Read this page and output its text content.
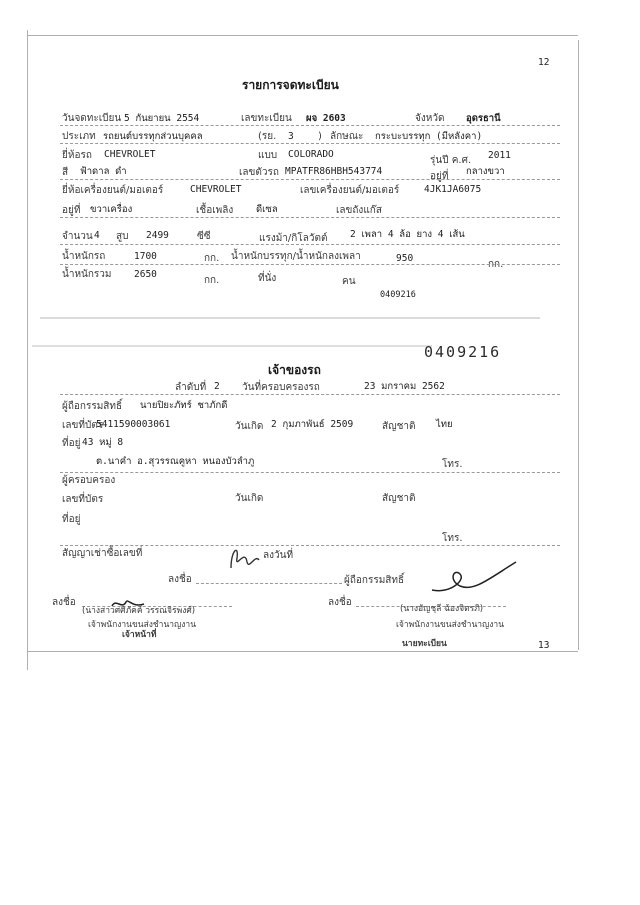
12
รายการจดทะเบียน
วันจดทะเบียน 5 กันยายน 2554	เลขทะเบียน ผจ 2603	จังหวัด อุดรธานี
ประเภท รถยนต์บรรทุกส่วนบุคคล	(รย. 3 ) ลักษณะ กระบะบรรทุก (มีหลังคา)
ยี่ห้อรถ CHEVROLET	แบบ COLORADO
รุ่นปี ค.ศ. 2011
สี ฟ้าดาล ดำ	เลขตัวรถ MPATFR86HBH543774	อยู่ที่ กลางขวา
ยี่ห้อเครื่องยนต์/มอเตอร์	CHEVROLET	เลขเครื่องยนต์/มอเตอร์	4JK1JA6075
อยู่ที่ ขวาเครื่อง	เชื้อเพลิง ดีเซล	เลขถังแก๊ส
จำนวน 4 สูบ 2499	ซีซี	แรงม้า/กิโลวัตต์ 2 เพลา 4 ล้อ ยาง 4 เส้น
น้ำหนักรถ	1700	กก. น้ำหนักบรรทุก/น้ำหนักลงเพลา	950
กก.
น้ำหนักรวม 2650
กก.	ที่นั่ง	คน
0409216
0409216
เจ้าของรถ
ลำดับที่ 2 วันที่ครอบครองรถ	23 มกราคม 2562
ผู้ถือกรรมสิทธิ์ นายปิยะภัทร์ ชาภักดี
เลขที่บัตร
5411590003061	วันเกิด 2 กุมภาพันธ์ 2509	สัญชาติ ไทย
ที่อยู่ 43 หมู่ 8
ต.นาคำ อ.สุวรรณคูหา หนองบัวลำภู	โทร.
ผู้ครอบครอง
เลขที่บัตร	วันเกิด	สัญชาติ
ที่อยู่
โทร.
สัญญาเช่าซื้อเลขที่	ลงวันที่
ลงชื่อ	ผู้ถือกรรมสิทธิ์
ลงชื่อ
(นางสาวศศิภัคค์ วรรณจิรพงศ์)
เจ้าพนักงานขนส่งชำนาญงาน
เจ้าหน้าที่
ลงชื่อ
(นางอัญชุลี ฉ้องจิตรภิ)
เจ้าพนักงานขนส่งชำนาญงาน
นายทะเบียน	13
